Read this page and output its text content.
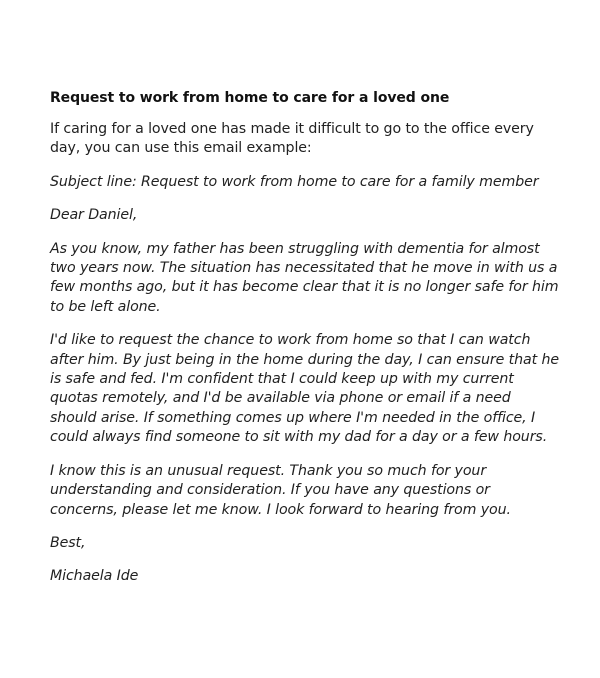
Request to work from home to care for a loved one

If caring for a loved one has made it difficult to go to the office every day, you can use this email example:

Subject line: Request to work from home to care for a family member

Dear Daniel,

As you know, my father has been struggling with dementia for almost two years now. The situation has necessitated that he move in with us a few months ago, but it has become clear that it is no longer safe for him to be left alone.

I'd like to request the chance to work from home so that I can watch after him. By just being in the home during the day, I can ensure that he is safe and fed. I'm confident that I could keep up with my current quotas remotely, and I'd be available via phone or email if a need should arise. If something comes up where I'm needed in the office, I could always find someone to sit with my dad for a day or a few hours.

I know this is an unusual request. Thank you so much for your understanding and consideration. If you have any questions or concerns, please let me know. I look forward to hearing from you.

Best,

Michaela Ide
